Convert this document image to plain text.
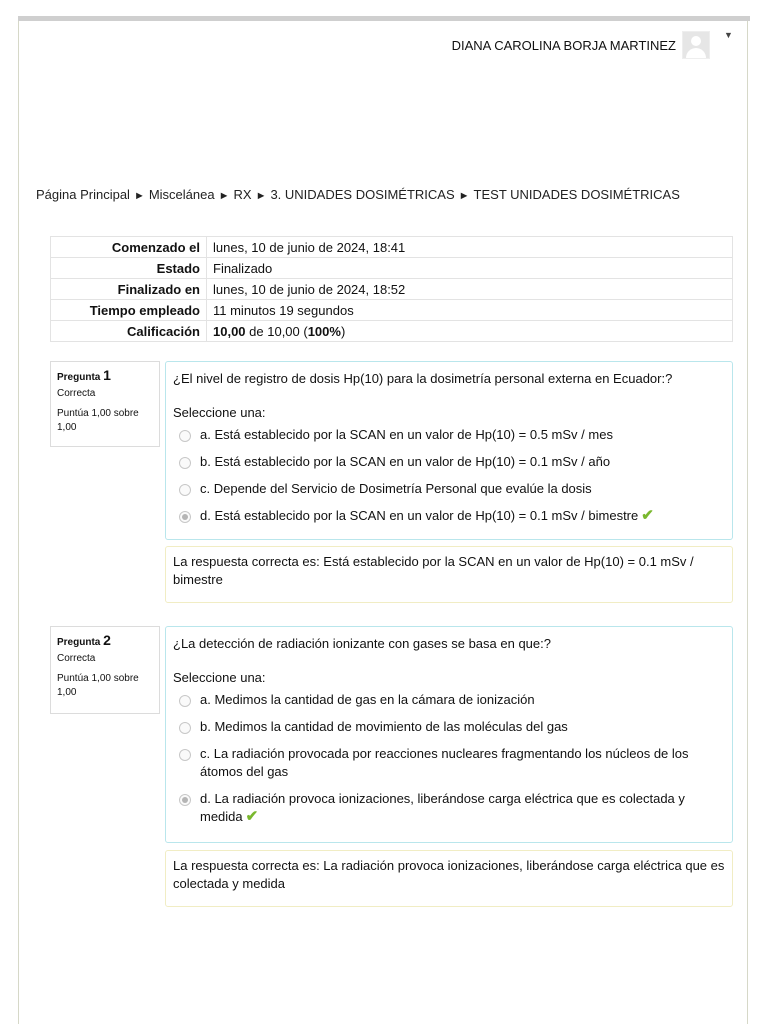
DIANA CAROLINA BORJA MARTINEZ
▼
Página Principal ► Miscelánea ► RX ► 3. UNIDADES DOSIMÉTRICAS ► TEST UNIDADES DOSIMÉTRICAS
Comenzado el	lunes, 10 de junio de 2024, 18:41
Estado	Finalizado
Finalizado en	lunes, 10 de junio de 2024, 18:52
Tiempo empleado	11 minutos 19 segundos
Calificación	10,00 de 10,00 (100%)
Pregunta 1
Correcta
Puntúa 1,00 sobre 1,00
¿El nivel de registro de dosis Hp(10) para la dosimetría personal externa en Ecuador:?
Seleccione una:
a. Está establecido por la SCAN en un valor de Hp(10) = 0.5 mSv / mes
b. Está establecido por la SCAN en un valor de Hp(10) = 0.1 mSv / año
c. Depende del Servicio de Dosimetría Personal que evalúe la dosis
d. Está establecido por la SCAN en un valor de Hp(10) = 0.1 mSv / bimestre ✔
La respuesta correcta es: Está establecido por la SCAN en un valor de Hp(10) = 0.1 mSv / bimestre
Pregunta 2
Correcta
Puntúa 1,00 sobre 1,00
¿La detección de radiación ionizante con gases se basa en que:?
Seleccione una:
a. Medimos la cantidad de gas en la cámara de ionización
b. Medimos la cantidad de movimiento de las moléculas del gas
c. La radiación provocada por reacciones nucleares fragmentando los núcleos de los átomos del gas
d. La radiación provoca ionizaciones, liberándose carga eléctrica que es colectada y medida ✔
La respuesta correcta es: La radiación provoca ionizaciones, liberándose carga eléctrica que es colectada y medida
